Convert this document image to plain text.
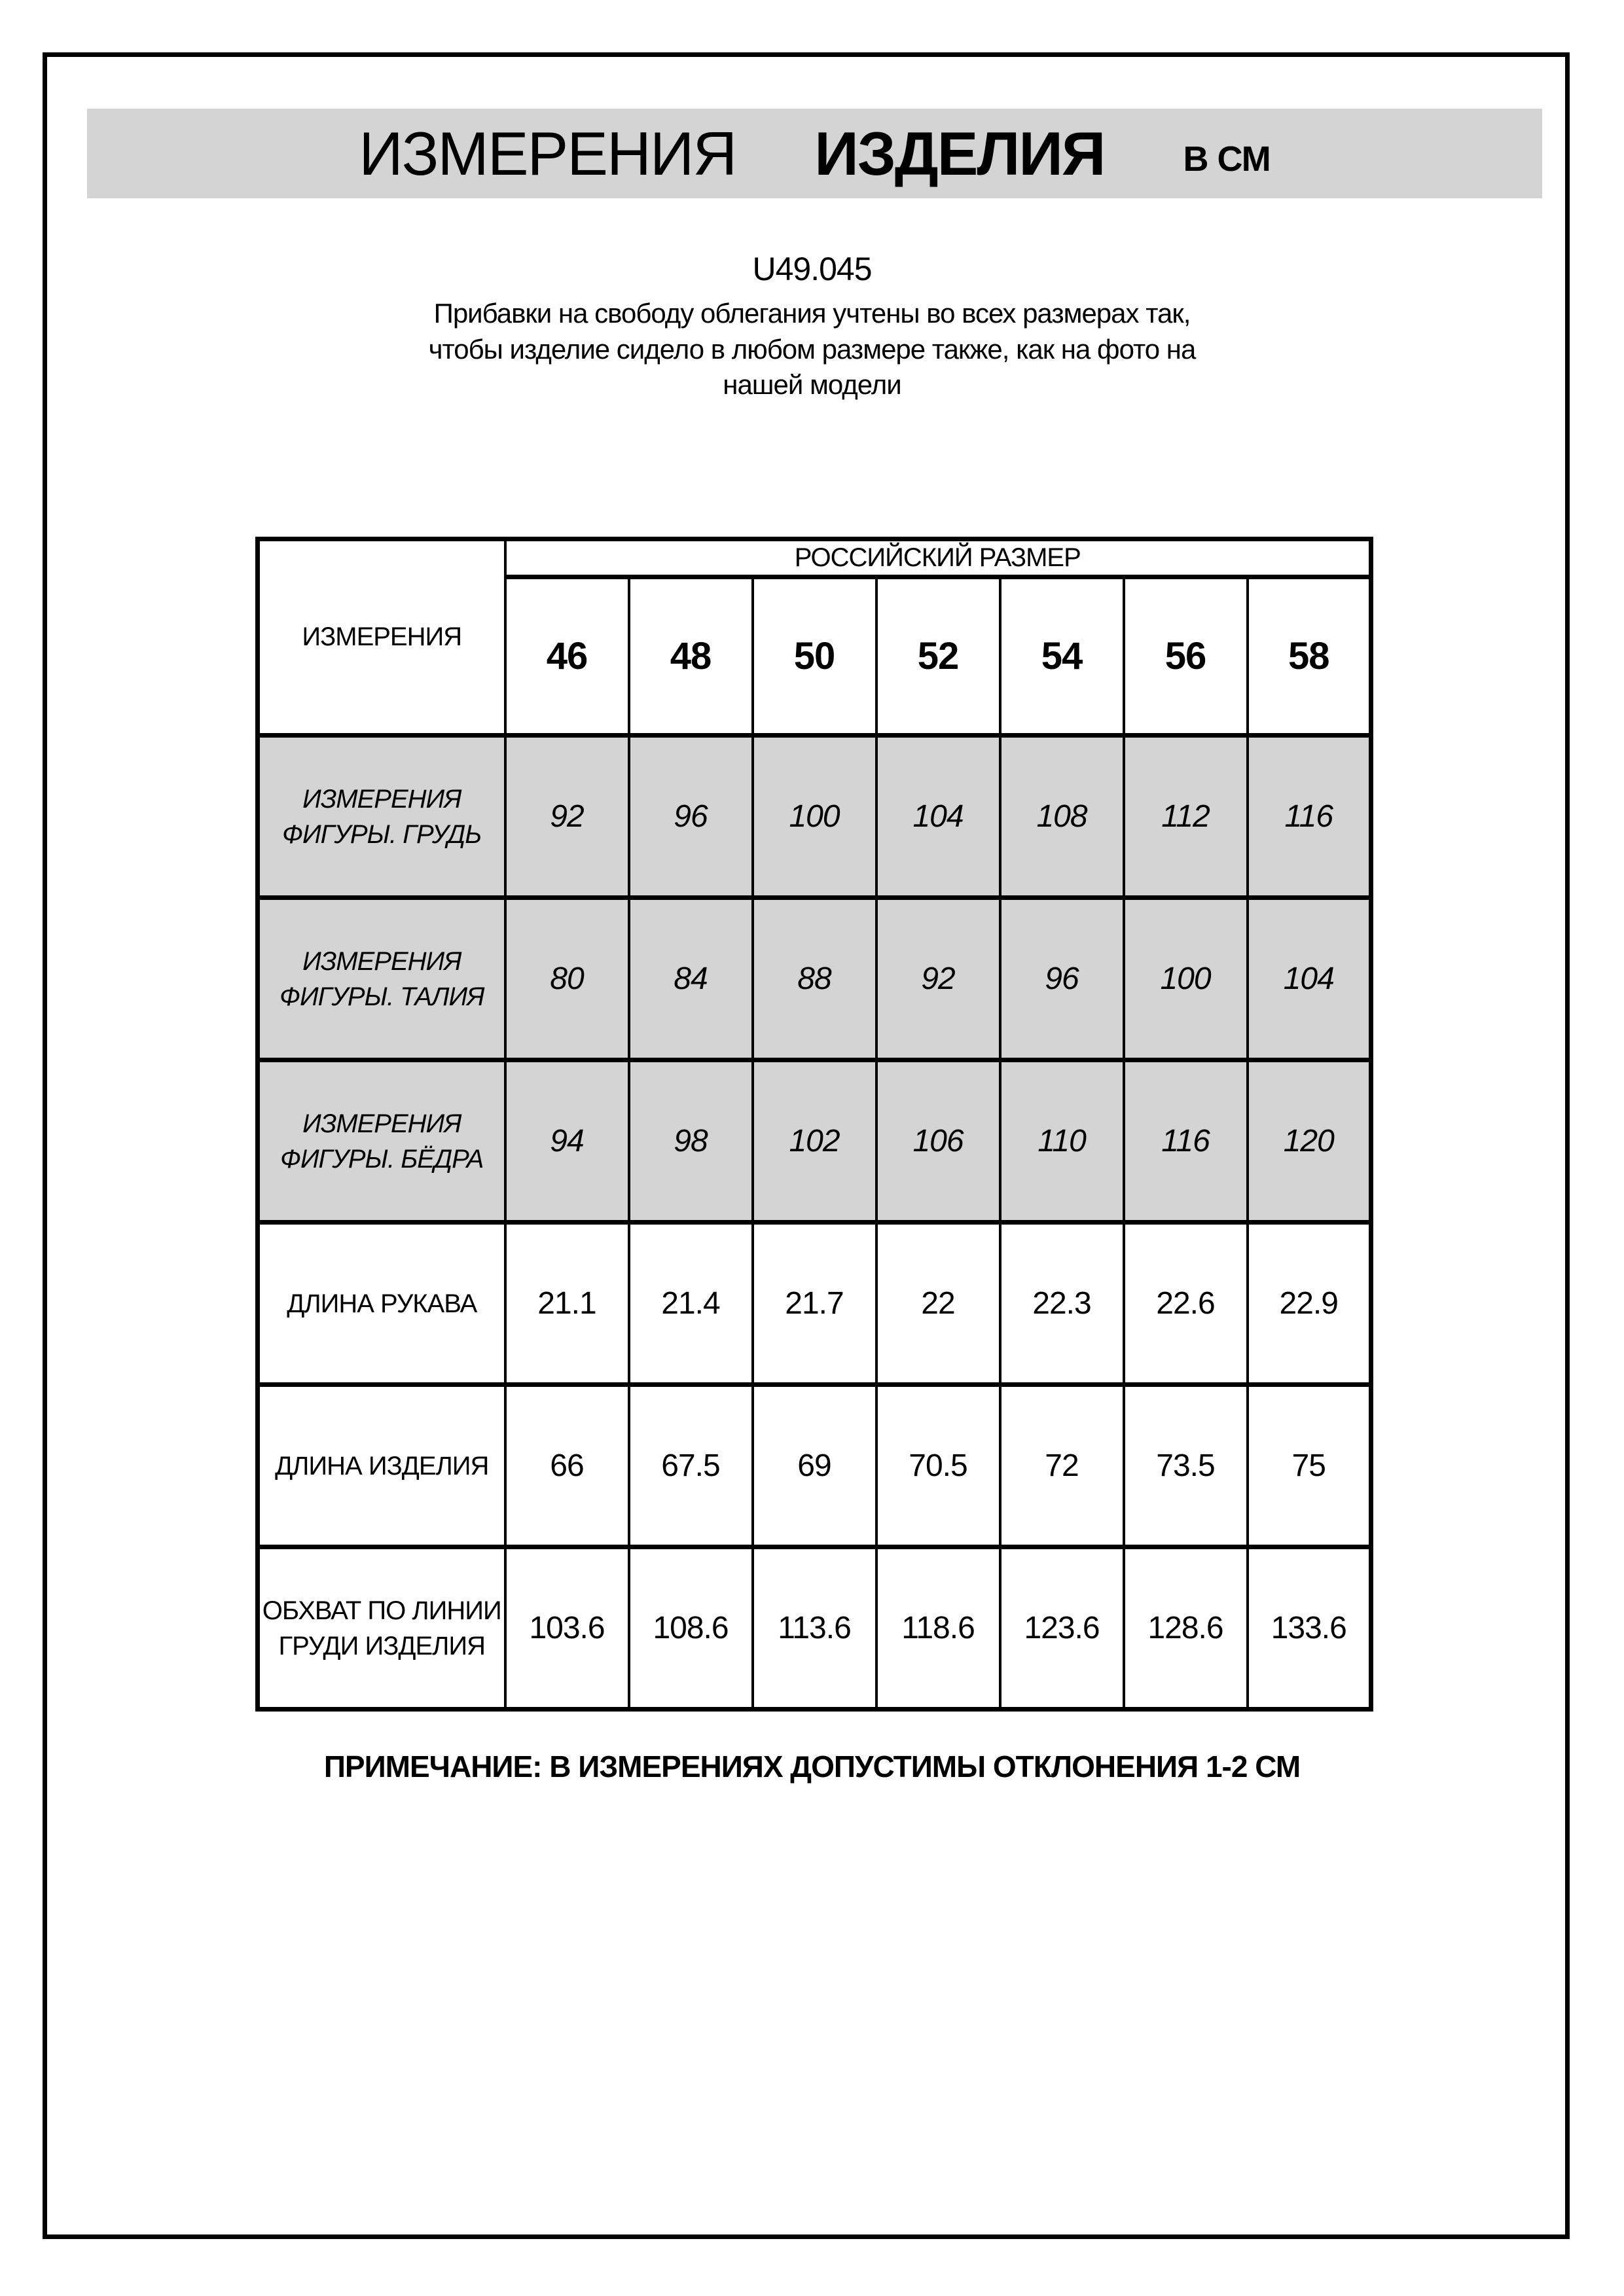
ИЗМЕРЕНИЯ ИЗДЕЛИЯ В СМ
U49.045
Прибавки на свободу облегания учтены во всех размерах так,
чтобы изделие сидело в любом размере также, как на фото на
нашей модели
ИЗМЕРЕНИЯ	РОССИЙСКИЙ РАЗМЕР						
	46	48	50	52	54	56	58
ИЗМЕРЕНИЯ ФИГУРЫ. ГРУДЬ	92	96	100	104	108	112	116
ИЗМЕРЕНИЯ ФИГУРЫ. ТАЛИЯ	80	84	88	92	96	100	104
ИЗМЕРЕНИЯ ФИГУРЫ. БЁДРА	94	98	102	106	110	116	120
ДЛИНА РУКАВА	21.1	21.4	21.7	22	22.3	22.6	22.9
ДЛИНА ИЗДЕЛИЯ	66	67.5	69	70.5	72	73.5	75
ОБХВАТ ПО ЛИНИИ ГРУДИ ИЗДЕЛИЯ	103.6	108.6	113.6	118.6	123.6	128.6	133.6
ПРИМЕЧАНИЕ: В ИЗМЕРЕНИЯХ ДОПУСТИМЫ ОТКЛОНЕНИЯ 1-2 СМ
